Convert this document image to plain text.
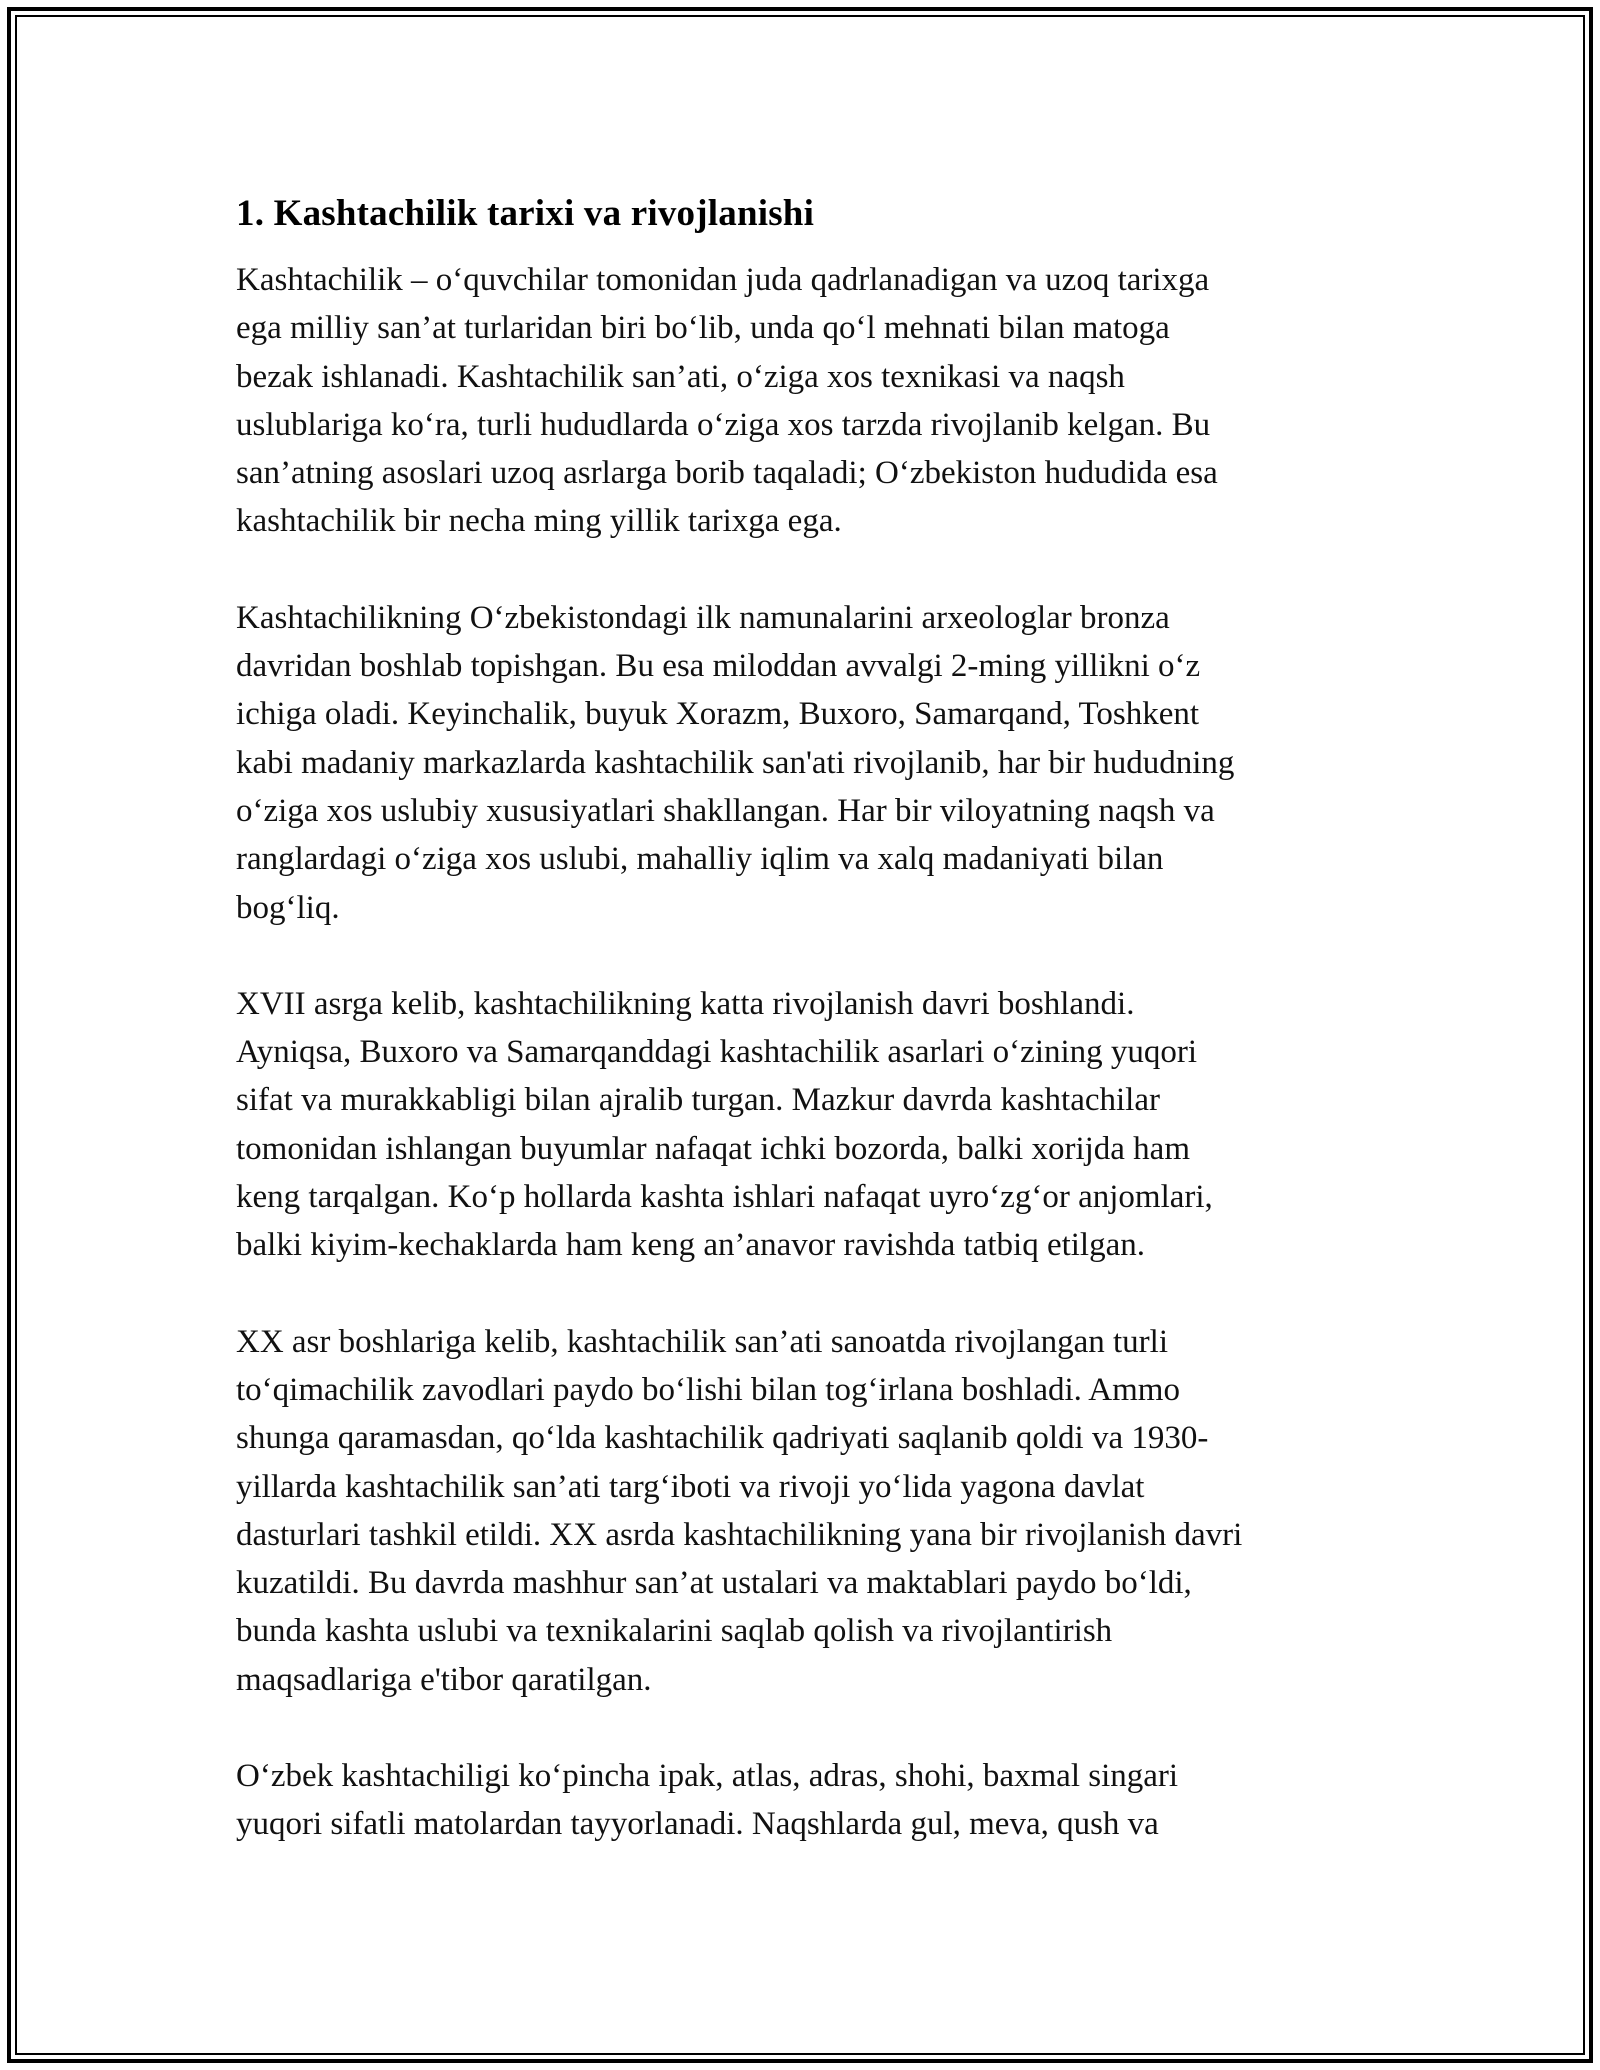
1. Kashtachilik tarixi va rivojlanishi

Kashtachilik – o‘quvchilar tomonidan juda qadrlanadigan va uzoq tarixga
ega milliy san’at turlaridan biri bo‘lib, unda qo‘l mehnati bilan matoga
bezak ishlanadi. Kashtachilik san’ati, o‘ziga xos texnikasi va naqsh
uslublariga ko‘ra, turli hududlarda o‘ziga xos tarzda rivojlanib kelgan. Bu
san’atning asoslari uzoq asrlarga borib taqaladi; O‘zbekiston hududida esa
kashtachilik bir necha ming yillik tarixga ega.

Kashtachilikning O‘zbekistondagi ilk namunalarini arxeologlar bronza
davridan boshlab topishgan. Bu esa miloddan avvalgi 2-ming yillikni o‘z
ichiga oladi. Keyinchalik, buyuk Xorazm, Buxoro, Samarqand, Toshkent
kabi madaniy markazlarda kashtachilik san'ati rivojlanib, har bir hududning
o‘ziga xos uslubiy xususiyatlari shakllangan. Har bir viloyatning naqsh va
ranglardagi o‘ziga xos uslubi, mahalliy iqlim va xalq madaniyati bilan
bog‘liq.

XVII asrga kelib, kashtachilikning katta rivojlanish davri boshlandi.
Ayniqsa, Buxoro va Samarqanddagi kashtachilik asarlari o‘zining yuqori
sifat va murakkabligi bilan ajralib turgan. Mazkur davrda kashtachilar
tomonidan ishlangan buyumlar nafaqat ichki bozorda, balki xorijda ham
keng tarqalgan. Ko‘p hollarda kashta ishlari nafaqat uyro‘zg‘or anjomlari,
balki kiyim-kechaklarda ham keng an’anavor ravishda tatbiq etilgan.

XX asr boshlariga kelib, kashtachilik san’ati sanoatda rivojlangan turli
to‘qimachilik zavodlari paydo bo‘lishi bilan tog‘irlana boshladi. Ammo
shunga qaramasdan, qo‘lda kashtachilik qadriyati saqlanib qoldi va 1930-
yillarda kashtachilik san’ati targ‘iboti va rivoji yo‘lida yagona davlat
dasturlari tashkil etildi. XX asrda kashtachilikning yana bir rivojlanish davri
kuzatildi. Bu davrda mashhur san’at ustalari va maktablari paydo bo‘ldi,
bunda kashta uslubi va texnikalarini saqlab qolish va rivojlantirish
maqsadlariga e'tibor qaratilgan.

O‘zbek kashtachiligi ko‘pincha ipak, atlas, adras, shohi, baxmal singari
yuqori sifatli matolardan tayyorlanadi. Naqshlarda gul, meva, qush va
